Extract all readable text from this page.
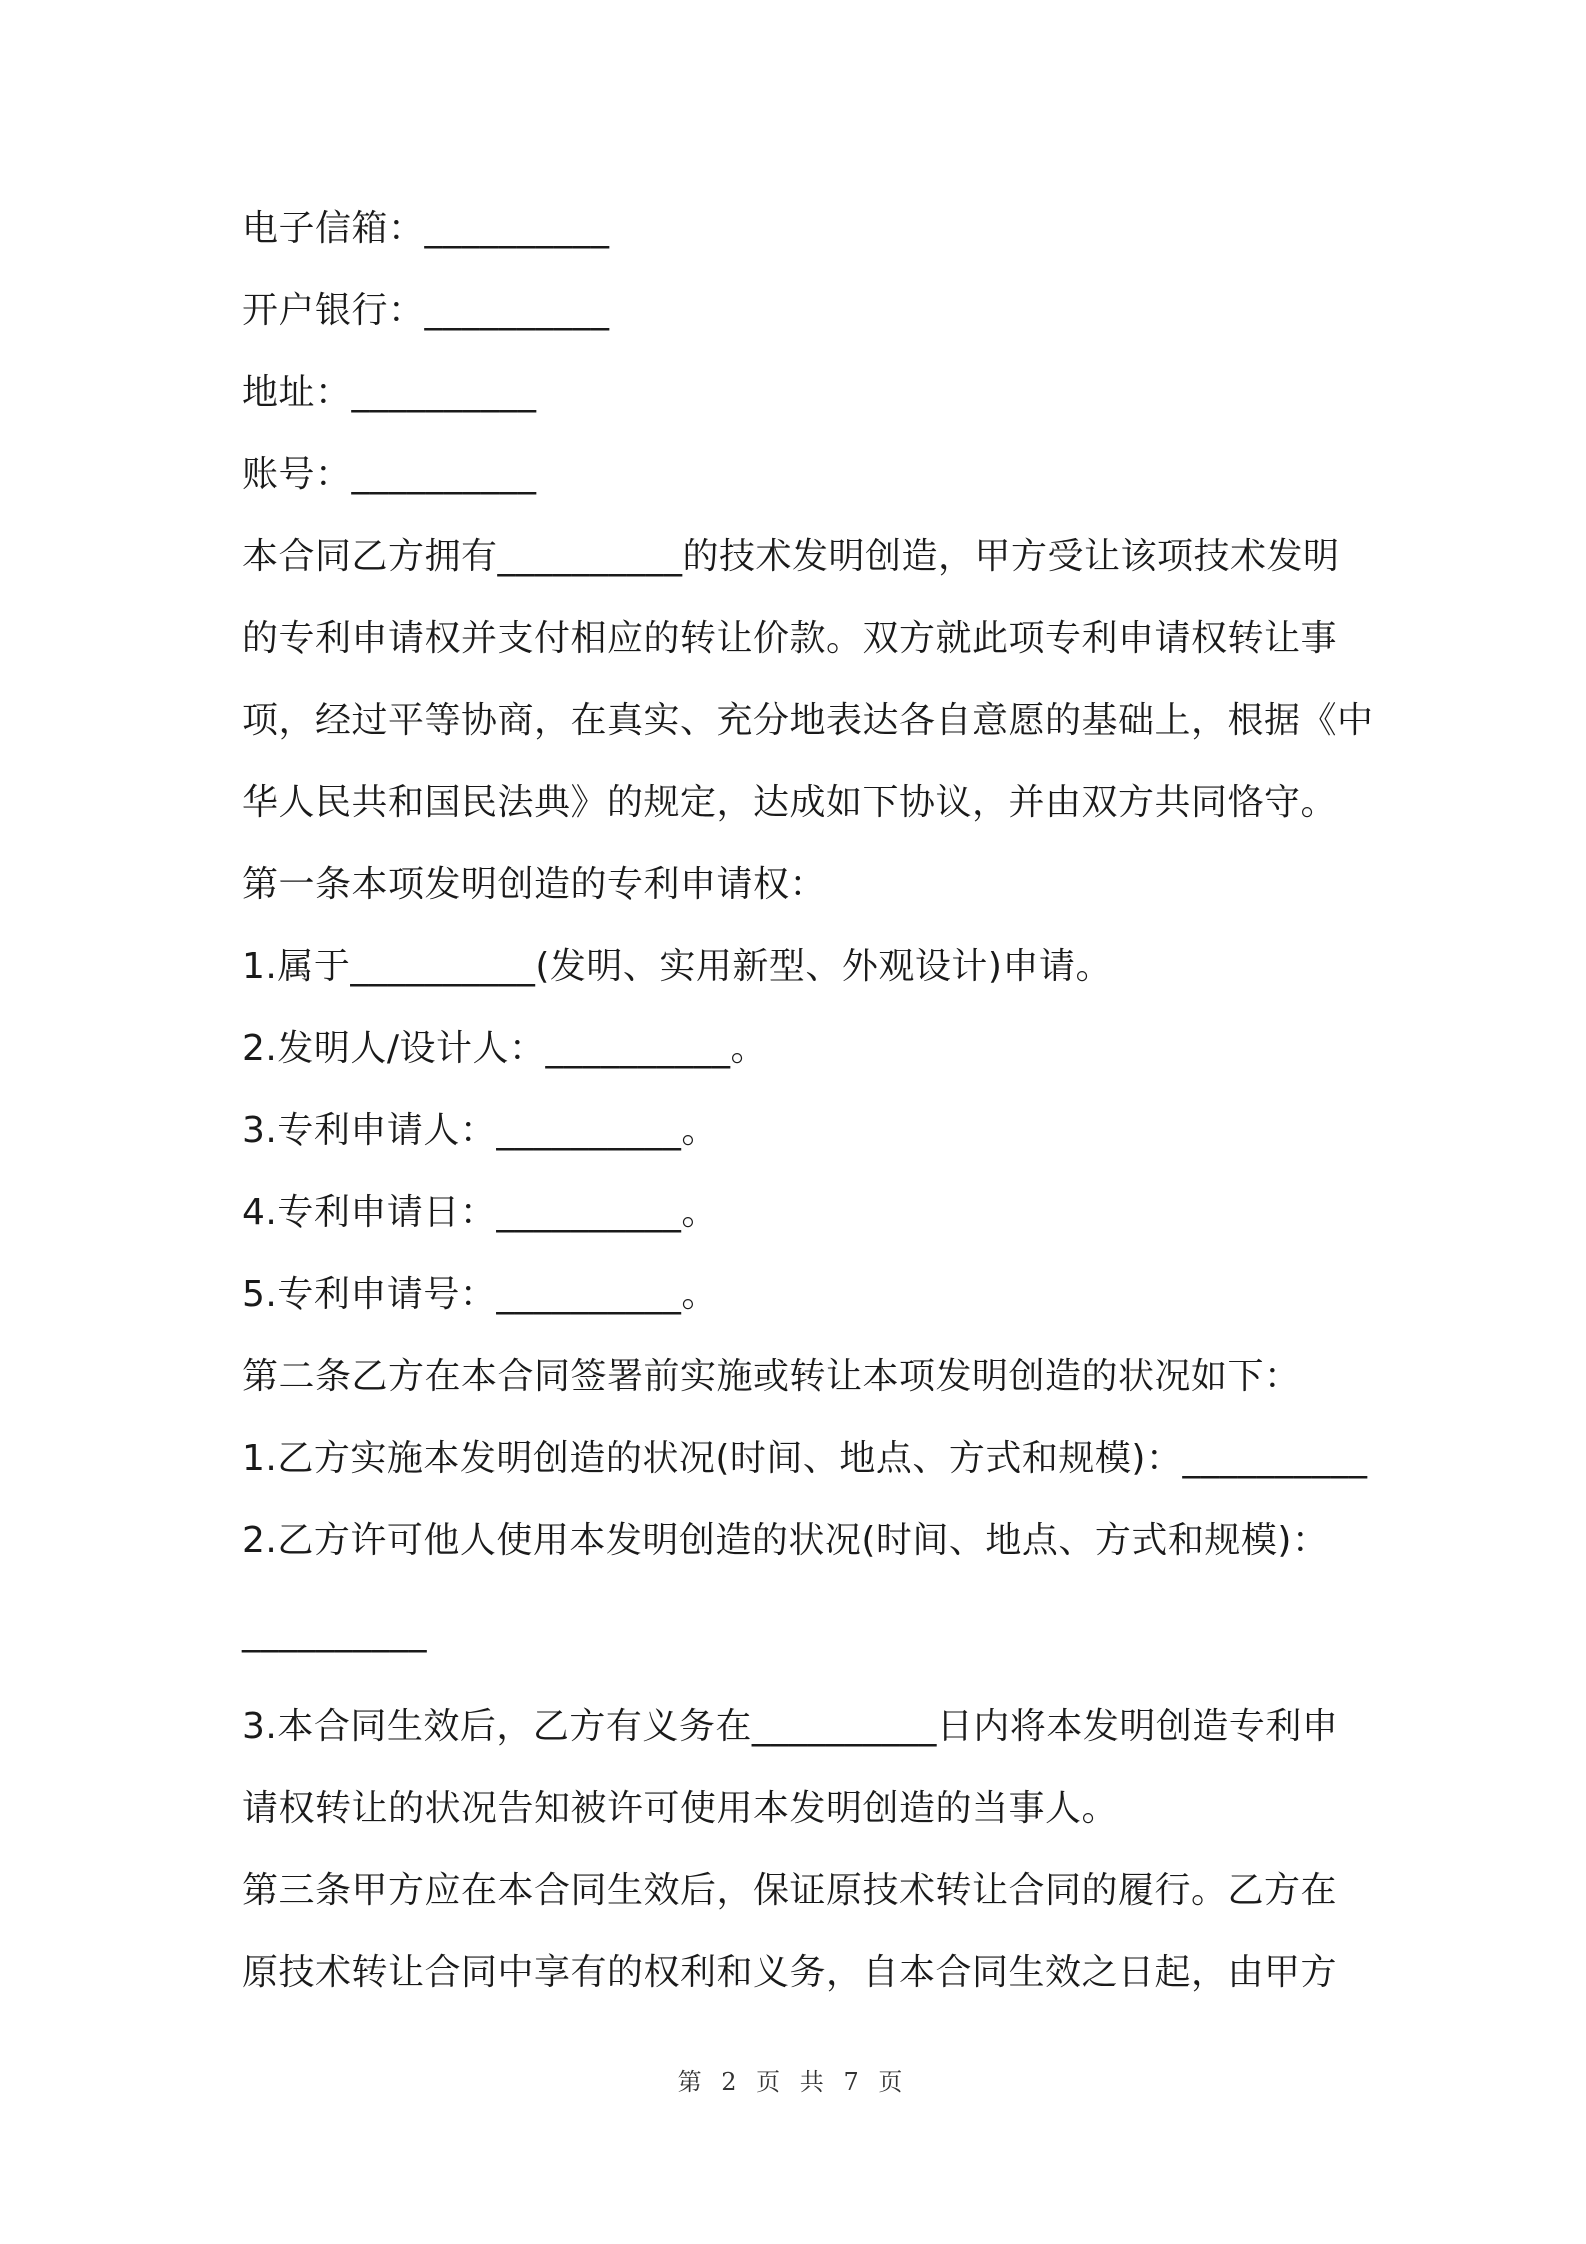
电子信箱：__________
开户银行：__________
地址：__________
账号：__________
本合同乙方拥有__________的技术发明创造，甲方受让该项技术发明
的专利申请权并支付相应的转让价款。双方就此项专利申请权转让事
项，经过平等协商，在真实、充分地表达各自意愿的基础上，根据《中
华人民共和国民法典》的规定，达成如下协议，并由双方共同恪守。
第一条本项发明创造的专利申请权：
1.属于__________(发明、实用新型、外观设计)申请。
2.发明人/设计人：__________。
3.专利申请人：__________。
4.专利申请日：__________。
5.专利申请号：__________。
第二条乙方在本合同签署前实施或转让本项发明创造的状况如下：
1.乙方实施本发明创造的状况(时间、地点、方式和规模)：__________
2.乙方许可他人使用本发明创造的状况(时间、地点、方式和规模)：
__________
3.本合同生效后，乙方有义务在__________日内将本发明创造专利申
请权转让的状况告知被许可使用本发明创造的当事人。
第三条甲方应在本合同生效后，保证原技术转让合同的履行。乙方在
原技术转让合同中享有的权利和义务，自本合同生效之日起，由甲方
第 2 页 共 7 页
